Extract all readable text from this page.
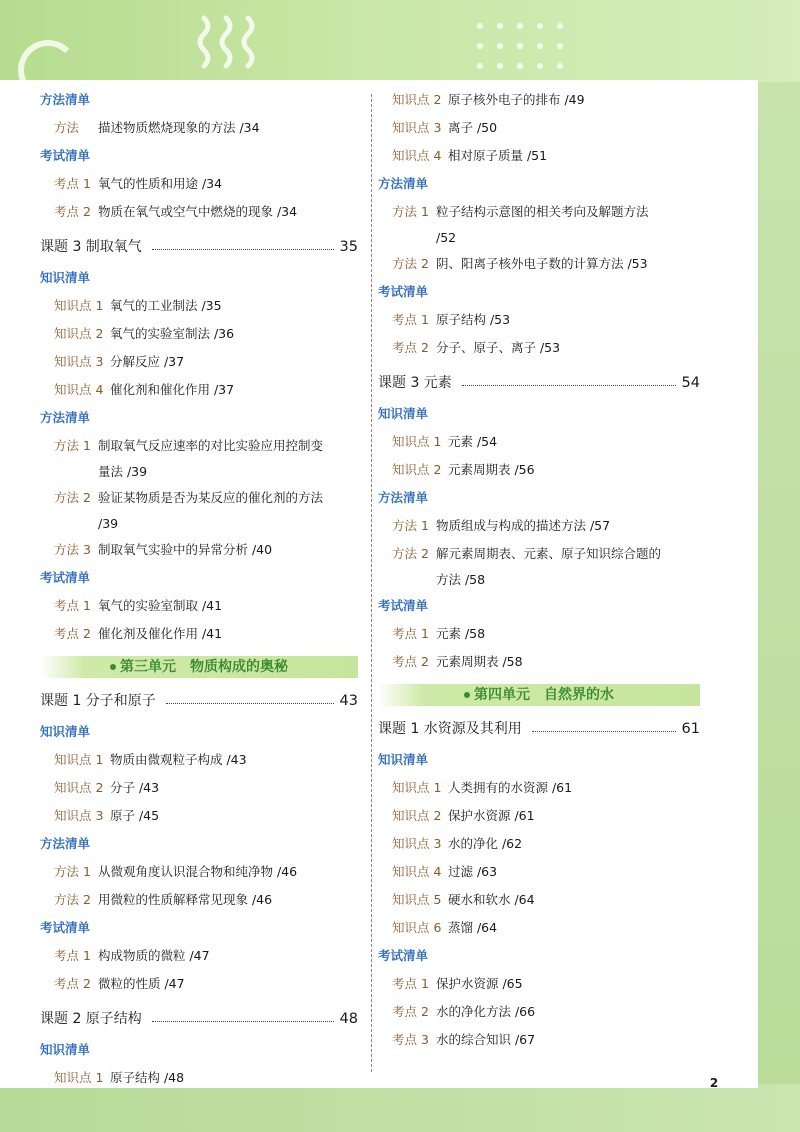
方法清单
方法 描述物质燃烧现象的方法 /34
考试清单
考点 1 氧气的性质和用途 /34
考点 2 物质在氧气或空气中燃烧的现象 /34
课题 3 制取氧气	35
知识清单
知识点 1 氧气的工业制法 /35
知识点 2 氧气的实验室制法 /36
知识点 3 分解反应 /37
知识点 4 催化剂和催化作用 /37
方法清单
方法 1 制取氧气反应速率的对比实验应用控制变
量法 /39
方法 2 验证某物质是否为某反应的催化剂的方法
/39
方法 3 制取氧气实验中的异常分析 /40
考试清单
考点 1 氧气的实验室制取 /41
考点 2 催化剂及催化作用 /41
第三单元　物质构成的奥秘
课题 1 分子和原子	43
知识清单
知识点 1 物质由微观粒子构成 /43
知识点 2 分子 /43
知识点 3 原子 /45
方法清单
方法 1 从微观角度认识混合物和纯净物 /46
方法 2 用微粒的性质解释常见现象 /46
考试清单
考点 1 构成物质的微粒 /47
考点 2 微粒的性质 /47
课题 2 原子结构	48
知识清单
知识点 1 原子结构 /48
知识点 2 原子核外电子的排布 /49
知识点 3 离子 /50
知识点 4 相对原子质量 /51
方法清单
方法 1 粒子结构示意图的相关考向及解题方法
/52
方法 2 阴、阳离子核外电子数的计算方法 /53
考试清单
考点 1 原子结构 /53
考点 2 分子、原子、离子 /53
课题 3 元素	54
知识清单
知识点 1 元素 /54
知识点 2 元素周期表 /56
方法清单
方法 1 物质组成与构成的描述方法 /57
方法 2 解元素周期表、元素、原子知识综合题的
方法 /58
考试清单
考点 1 元素 /58
考点 2 元素周期表 /58
第四单元　自然界的水
课题 1 水资源及其利用	61
知识清单
知识点 1 人类拥有的水资源 /61
知识点 2 保护水资源 /61
知识点 3 水的净化 /62
知识点 4 过滤 /63
知识点 5 硬水和软水 /64
知识点 6 蒸馏 /64
考试清单
考点 1 保护水资源 /65
考点 2 水的净化方法 /66
考点 3 水的综合知识 /67
2
